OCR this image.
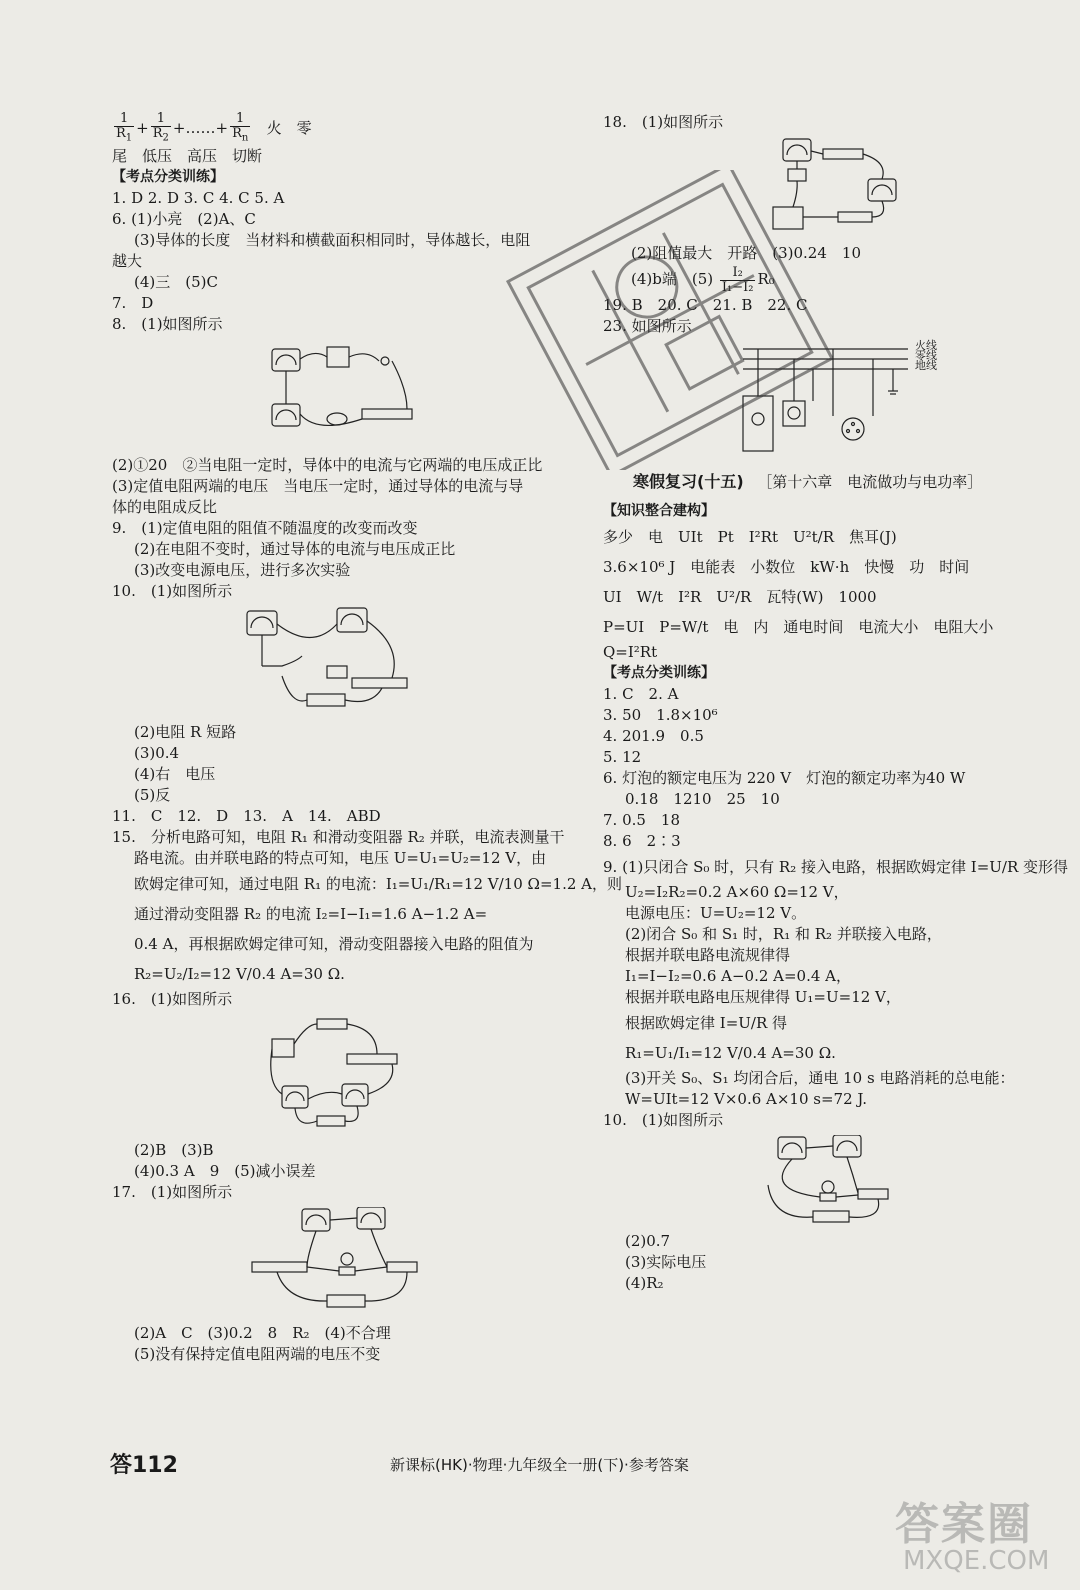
$\frac{1}{R_1} + \frac{1}{R_2}$ +……+ $\frac{1}{R_n}$ 火　零
尾　低压　高压　切断
【考点分类训练】
1. D 2. D 3. C 4. C 5. A
6. (1)小亮　(2)A、C
(3)导体的长度　当材料和横截面积相同时，导体越长，电阻
越大
(4)三　(5)C
7.　D
8.　(1)如图所示
(2)①20　②当电阻一定时，导体中的电流与它两端的电压成正比
(3)定值电阻两端的电压　当电压一定时，通过导体的电流与导
体的电阻成反比
9.　(1)定值电阻的阻值不随温度的改变而改变
(2)在电阻不变时，通过导体的电流与电压成正比
(3)改变电源电压，进行多次实验
10.　(1)如图所示
(2)电阻 R 短路
(3)0.4
(4)右　电压
(5)反
11.　C　12.　D　13.　A　14.　ABD
15.　分析电路可知，电阻 R₁ 和滑动变阻器 R₂ 并联，电流表测量干
路电流。由并联电路的特点可知，电压 U=U₁=U₂=12 V，由
欧姆定律可知，通过电阻 R₁ 的电流：I₁=U₁/R₁=12 V/10 Ω=1.2 A，则
通过滑动变阻器 R₂ 的电流 I₂=I−I₁=1.6 A−1.2 A=
0.4 A，再根据欧姆定律可知，滑动变阻器接入电路的阻值为
R₂=U₂/I₂=12 V/0.4 A=30 Ω.
16.　(1)如图所示
(2)B　(3)B
(4)0.3 A　9　(5)减小误差
17.　(1)如图所示
(2)A　C　(3)0.2　8　R₂　(4)不合理
(5)没有保持定值电阻两端的电压不变
18.　(1)如图所示
(2)阻值最大　开路　(3)0.24　10
(4)b端　$(5) \frac{\text{I₂}}{\text{I₁−I₂}} R_0$
19. B　20. C　21. B　22. C
23. 如图所示
火线
零线
地线
寒假复习(十五) ［第十六章　电流做功与电功率］
【知识整合建构】
多少　电　UIt　Pt　I²Rt　U²t/R　焦耳(J)
3.6×10⁶ J　电能表　小数位　kW·h　快慢　功　时间
UI　W/t　I²R　U²/R　瓦特(W)　1000
P=UI　P=W/t　电　内　通电时间　电流大小　电阻大小
Q=I²Rt
【考点分类训练】
1. C　2. A
3. 50　1.8×10⁶
4. 201.9　0.5
5. 12
6. 灯泡的额定电压为 220 V　灯泡的额定功率为40 W
0.18　1210　25　10
7. 0.5　18
8. 6　2∶3
9. (1)只闭合 S₀ 时，只有 R₂ 接入电路，根据欧姆定律 I=U/R 变形得
U₂=I₂R₂=0.2 A×60 Ω=12 V，
电源电压：U=U₂=12 V。
(2)闭合 S₀ 和 S₁ 时，R₁ 和 R₂ 并联接入电路，
根据并联电路电流规律得
I₁=I−I₂=0.6 A−0.2 A=0.4 A，
根据并联电路电压规律得 U₁=U=12 V，
根据欧姆定律 I=U/R 得
R₁=U₁/I₁=12 V/0.4 A=30 Ω.
(3)开关 S₀、S₁ 均闭合后，通电 10 s 电路消耗的总电能：
W=UIt=12 V×0.6 A×10 s=72 J.
10.　(1)如图所示
(2)0.7
(3)实际电压
(4)R₂
答112	新课标(HK)·物理·九年级全一册(下)·参考答案
答案圈
MXQE.COM
